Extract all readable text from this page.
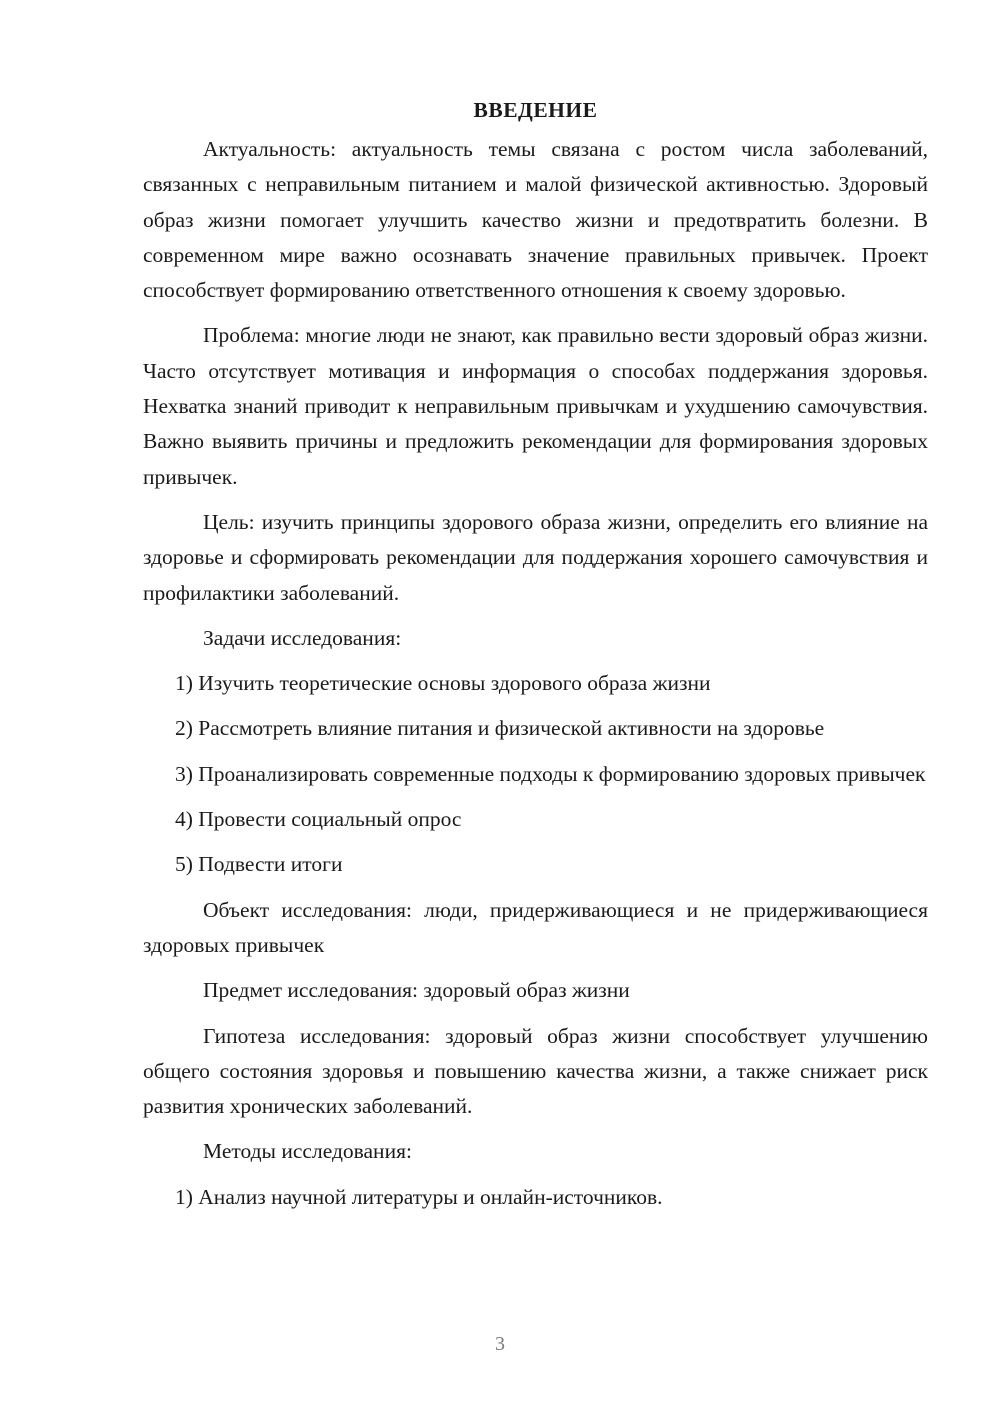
ВВЕДЕНИЕ

Актуальность: актуальность темы связана с ростом числа заболеваний, связанных с неправильным питанием и малой физической активностью. Здоровый образ жизни помогает улучшить качество жизни и предотвратить болезни. В современном мире важно осознавать значение правильных привычек. Проект способствует формированию ответственного отношения к своему здоровью.

Проблема: многие люди не знают, как правильно вести здоровый образ жизни. Часто отсутствует мотивация и информация о способах поддержания здоровья. Нехватка знаний приводит к неправильным привычкам и ухудшению самочувствия. Важно выявить причины и предложить рекомендации для формирования здоровых привычек.

Цель: изучить принципы здорового образа жизни, определить его влияние на здоровье и сформировать рекомендации для поддержания хорошего самочувствия и профилактики заболеваний.

Задачи исследования:

1) Изучить теоретические основы здорового образа жизни

2) Рассмотреть влияние питания и физической активности на здоровье

3) Проанализировать современные подходы к формированию здоровых привычек

4) Провести социальный опрос

5) Подвести итоги

Объект исследования: люди, придерживающиеся и не придерживающиеся здоровых привычек

Предмет исследования: здоровый образ жизни

Гипотеза исследования: здоровый образ жизни способствует улучшению общего состояния здоровья и повышению качества жизни, а также снижает риск развития хронических заболеваний.

Методы исследования:

1) Анализ научной литературы и онлайн-источников.

3
